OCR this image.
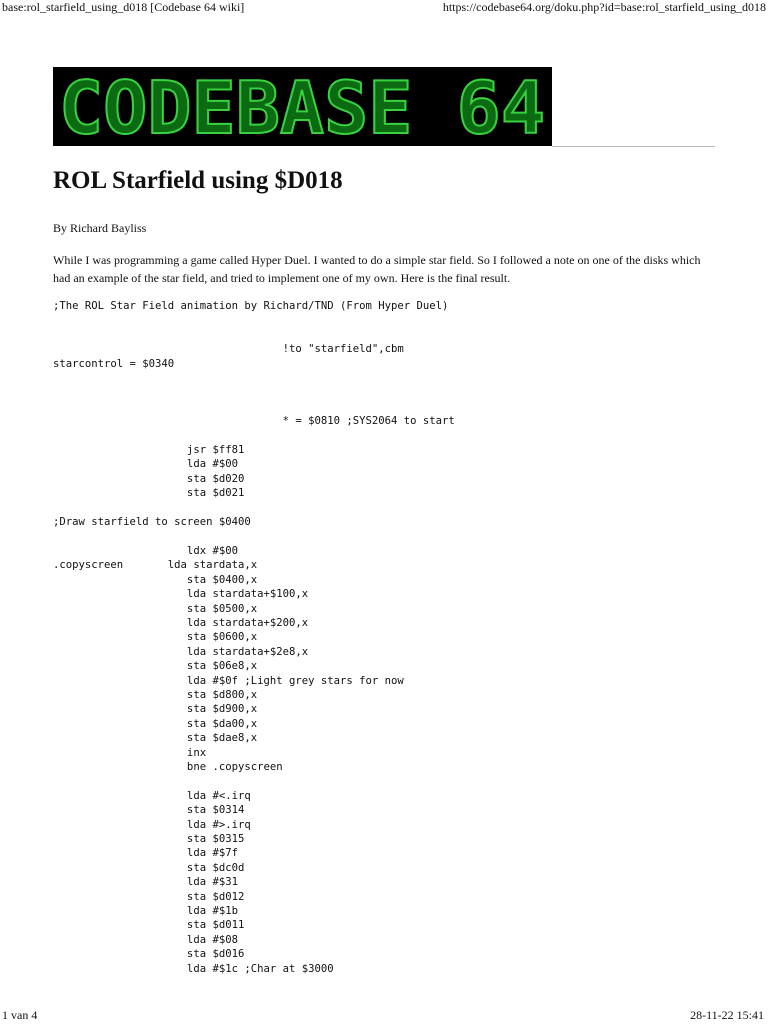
base:rol_starfield_using_d018 [Codebase 64 wiki]	https://codebase64.org/doku.php?id=base:rol_starfield_using_d018
CODEBASE 64
ROL Starfield using $D018
By Richard Bayliss

While I was programming a game called Hyper Duel. I wanted to do a simple star field. So I followed a note on one of the disks which had an example of the star field, and tried to implement one of my own. Here is the final result.

;The ROL Star Field animation by Richard/TND (From Hyper Duel)

!to "starfield",cbm
starcontrol = $0340

* = $0810 ;SYS2064 to start

jsr $ff81
lda #$00
sta $d020
sta $d021

;Draw starfield to screen $0400

ldx #$00
.copyscreen       lda stardata,x
sta $0400,x
lda stardata+$100,x
sta $0500,x
lda stardata+$200,x
sta $0600,x
lda stardata+$2e8,x
sta $06e8,x
lda #$0f ;Light grey stars for now
sta $d800,x
sta $d900,x
sta $da00,x
sta $dae8,x
inx
bne .copyscreen

lda #<.irq
sta $0314
lda #>.irq
sta $0315
lda #$7f
sta $dc0d
lda #$31
sta $d012
lda #$1b
sta $d011
lda #$08
sta $d016
lda #$1c ;Char at $3000
1 van 4	28-11-22 15:41
